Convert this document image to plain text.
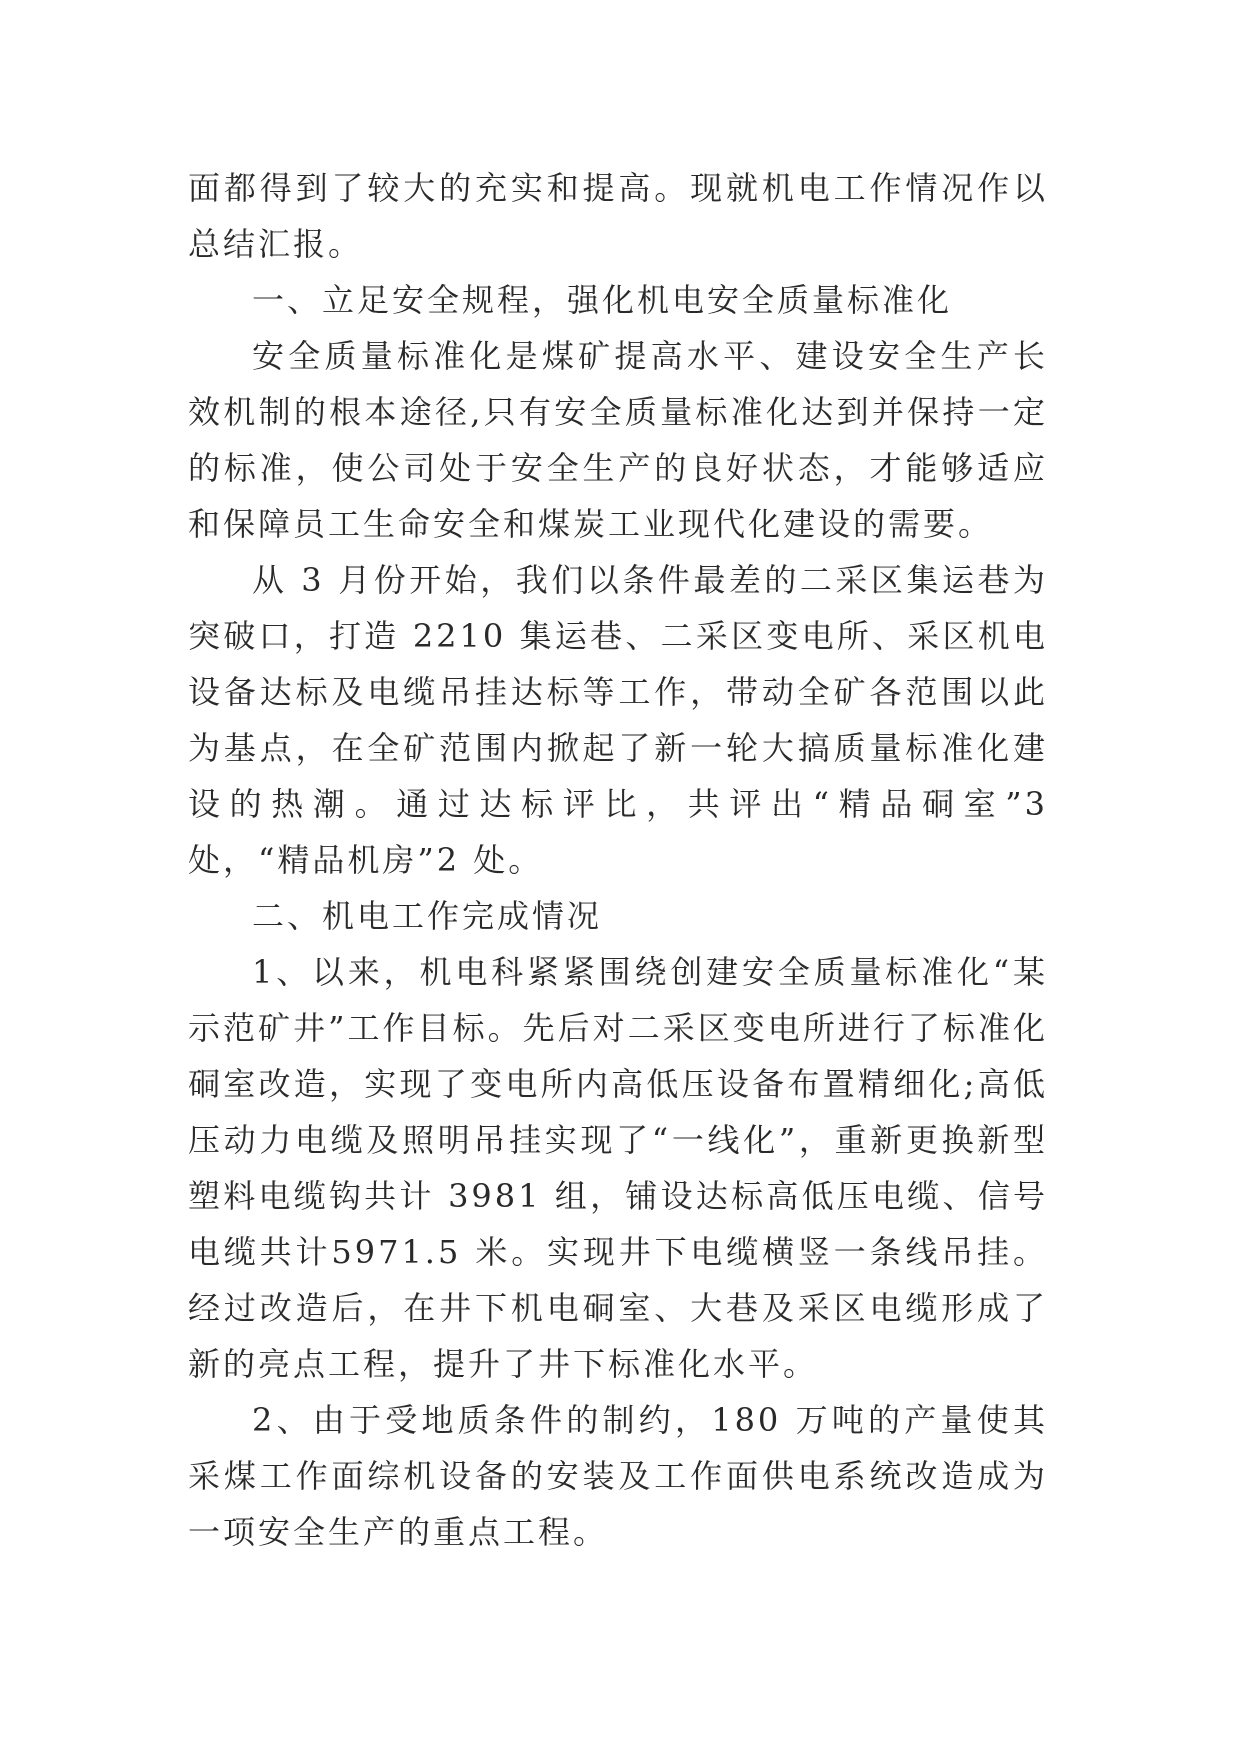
面都得到了较大的充实和提高。现就机电工作情况作以总结汇报。

一、立足安全规程，强化机电安全质量标准化

安全质量标准化是煤矿提高水平、建设安全生产长效机制的根本途径,只有安全质量标准化达到并保持一定的标准，使公司处于安全生产的良好状态，才能够适应和保障员工生命安全和煤炭工业现代化建设的需要。

从 3 月份开始，我们以条件最差的二采区集运巷为突破口，打造 2210 集运巷、二采区变电所、采区机电设备达标及电缆吊挂达标等工作，带动全矿各范围以此为基点，在全矿范围内掀起了新一轮大搞质量标准化建设的热潮。通过达标评比，共评出“精品硐室”3 处，“精品机房”2 处。

二、机电工作完成情况

1、以来，机电科紧紧围绕创建安全质量标准化“某示范矿井”工作目标。先后对二采区变电所进行了标准化硐室改造，实现了变电所内高低压设备布置精细化;高低压动力电缆及照明吊挂实现了“一线化”，重新更换新型塑料电缆钩共计 3981 组，铺设达标高低压电缆、信号电缆共计5971.5 米。实现井下电缆横竖一条线吊挂。经过改造后，在井下机电硐室、大巷及采区电缆形成了新的亮点工程，提升了井下标准化水平。

2、由于受地质条件的制约，180 万吨的产量使其采煤工作面综机设备的安装及工作面供电系统改造成为一项安全生产的重点工程。
